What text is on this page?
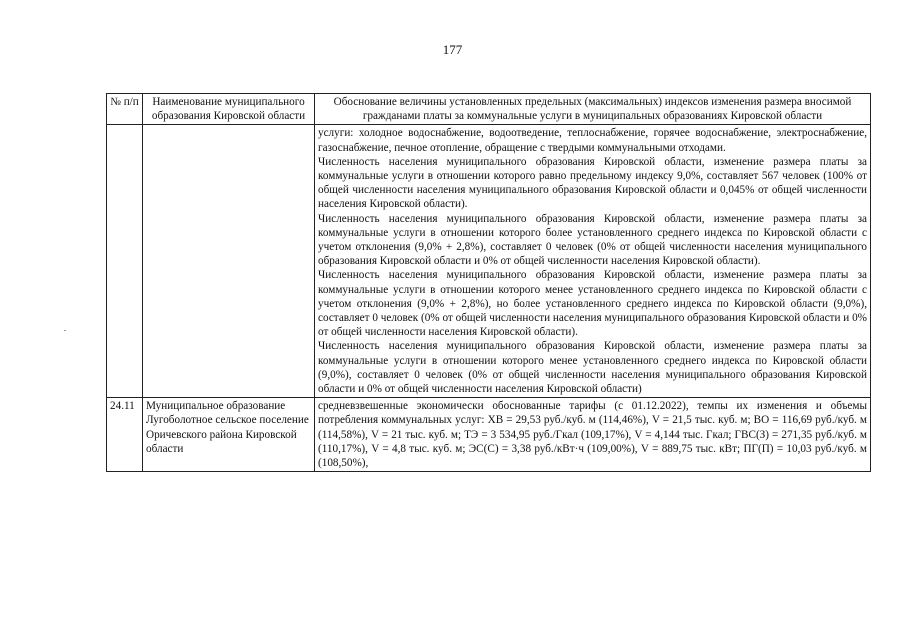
177
№ п/п	Наименование муниципального образования Кировской области	Обоснование величины установленных предельных (максимальных) индексов изменения размера вносимой гражданами платы за коммунальные услуги в муниципальных образованиях Кировской области

		услуги: холодное водоснабжение, водоотведение, теплоснабжение, горячее водоснабжение, электроснабжение, газоснабжение, печное отопление, обращение с твердыми коммунальными отходами.
Численность населения муниципального образования Кировской области, изменение размера платы за коммунальные услуги в отношении которого равно предельному индексу 9,0%, составляет 567 человек (100% от общей численности населения муниципального образования Кировской области и 0,045% от общей численности населения Кировской области).
Численность населения муниципального образования Кировской области, изменение размера платы за коммунальные услуги в отношении которого более установленного среднего индекса по Кировской области с учетом отклонения (9,0% + 2,8%), составляет 0 человек (0% от общей численности населения муниципального образования Кировской области и 0% от общей численности населения Кировской области).
Численность населения муниципального образования Кировской области, изменение размера платы за коммунальные услуги в отношении которого менее установленного среднего индекса по Кировской области с учетом отклонения (9,0% + 2,8%), но более установленного среднего индекса по Кировской области (9,0%), составляет 0 человек (0% от общей численности населения муниципального образования Кировской области и 0% от общей численности населения Кировской области).
Численность населения муниципального образования Кировской области, изменение размера платы за коммунальные услуги в отношении которого менее установленного среднего индекса по Кировской области (9,0%), составляет 0 человек (0% от общей численности населения муниципального образования Кировской области и 0% от общей численности населения Кировской области)

24.11	Муниципальное образование Лугоболотное сельское поселение Оричевского района Кировской области	средневзвешенные экономически обоснованные тарифы (с 01.12.2022), темпы их изменения и объемы потребления коммунальных услуг: ХВ = 29,53 руб./куб. м (114,46%), V = 21,5 тыс. куб. м; ВО = 116,69 руб./куб. м (114,58%), V = 21 тыс. куб. м; ТЭ = 3 534,95 руб./Гкал (109,17%), V = 4,144 тыс. Гкал; ГВС(З) = 271,35 руб./куб. м (110,17%), V = 4,8 тыс. куб. м; ЭС(С) = 3,38 руб./кВт·ч (109,00%), V = 889,75 тыс. кВт; ПГ(П) = 10,03 руб./куб. м (108,50%),
